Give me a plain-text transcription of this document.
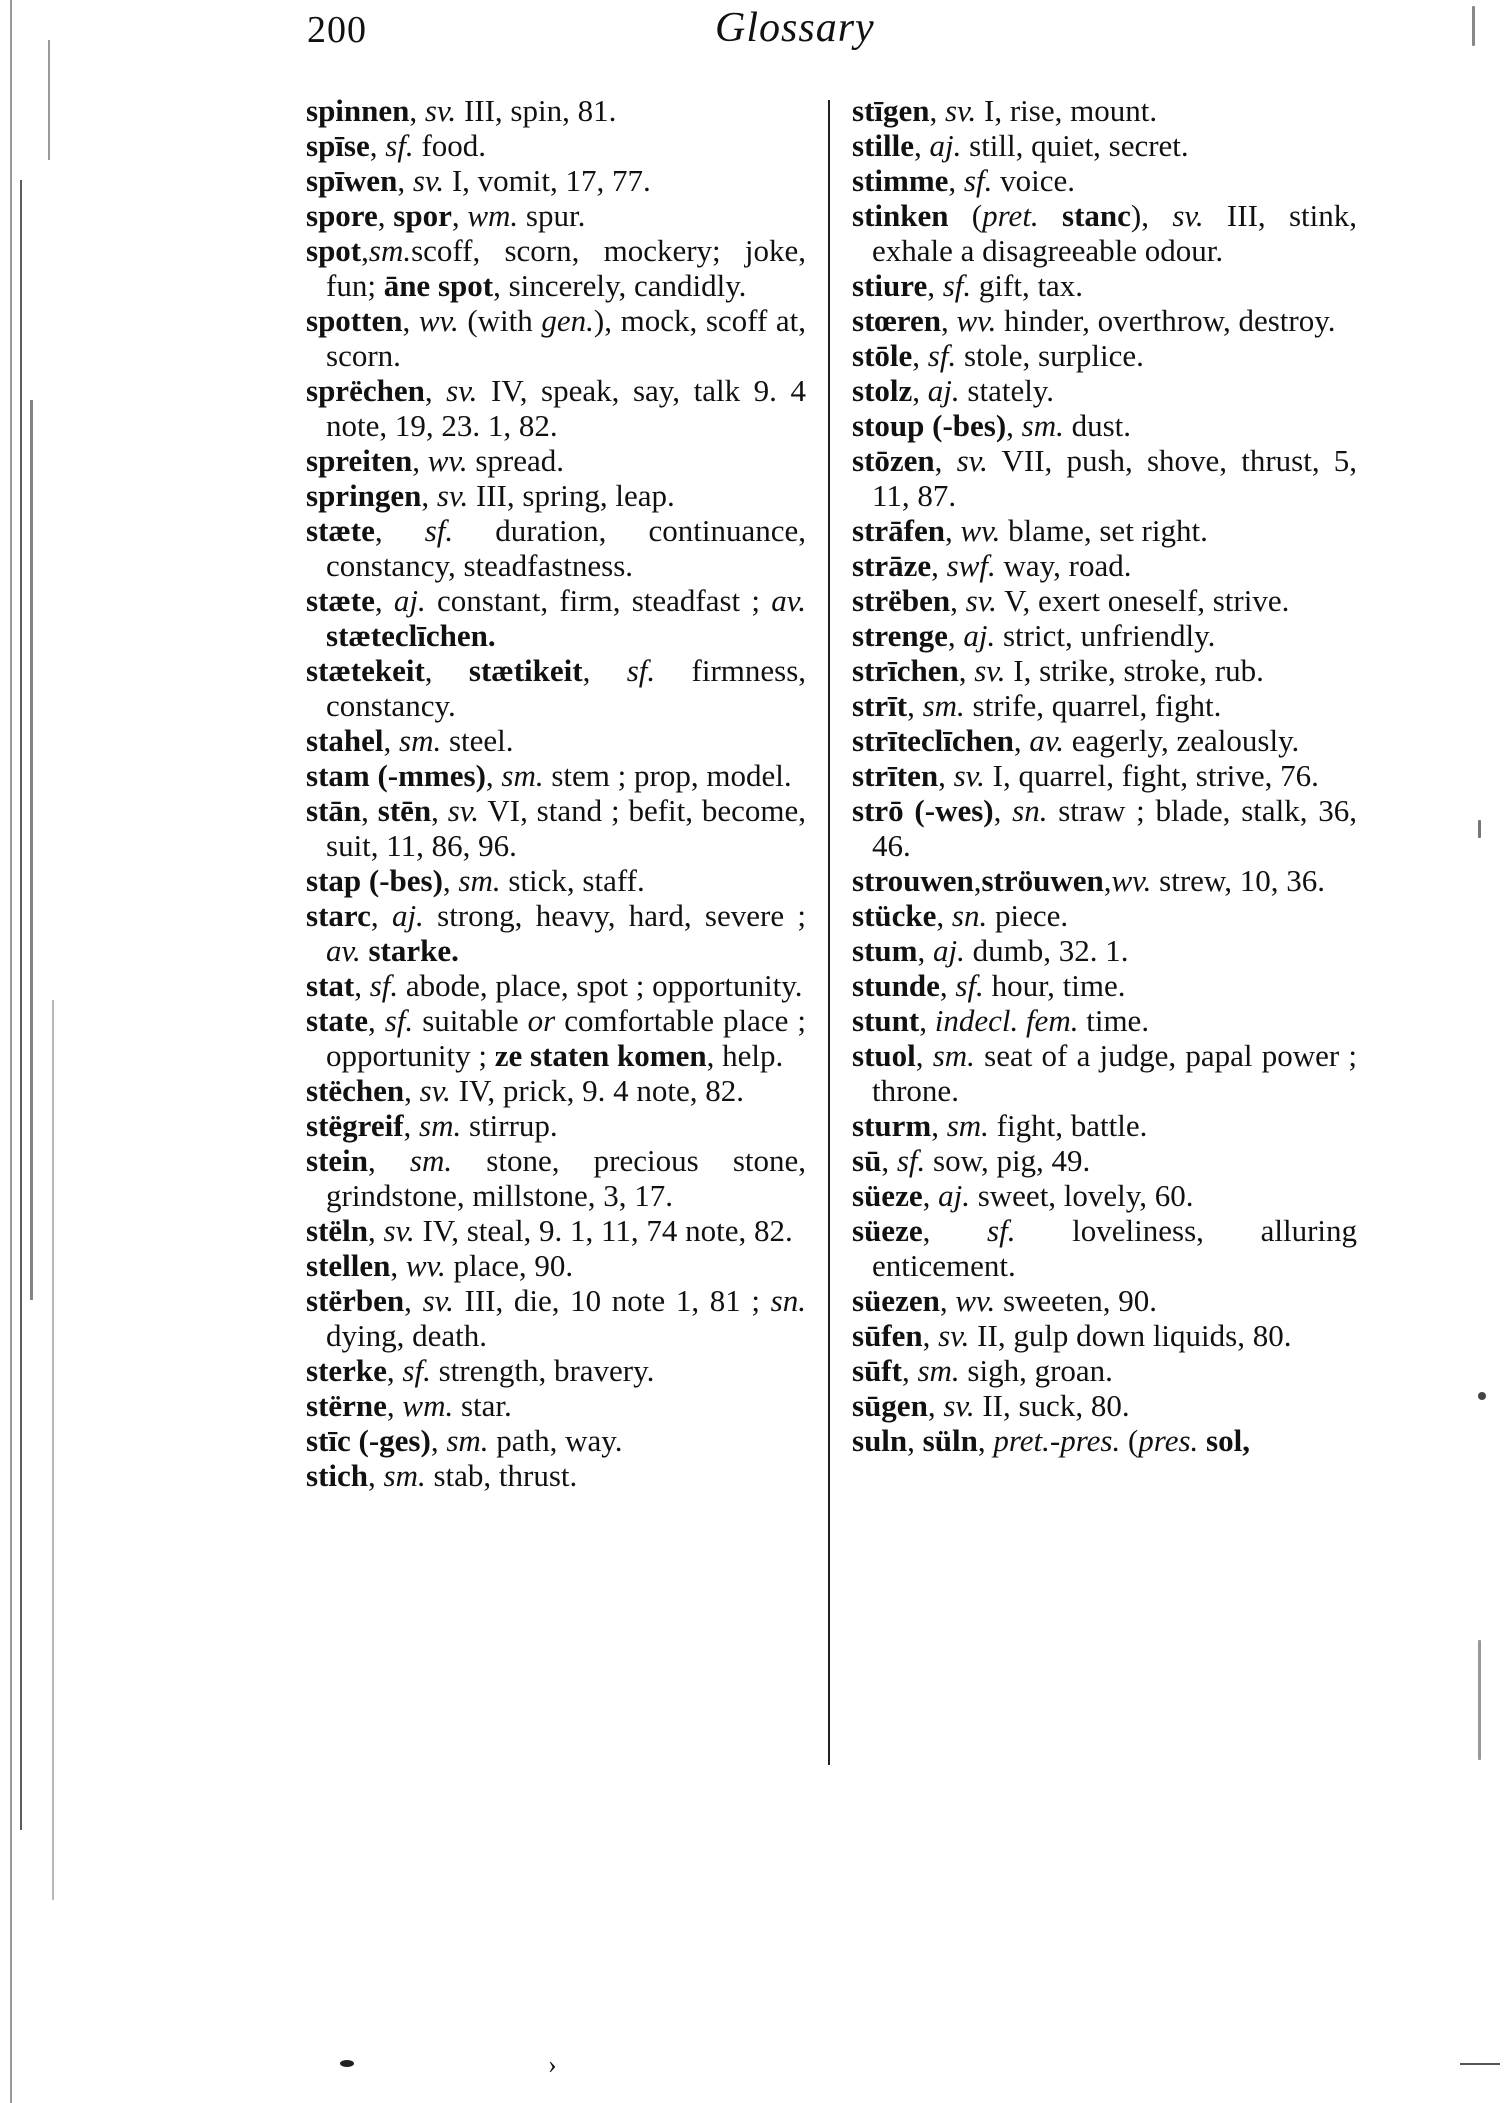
200	Glossary

spinnen, sv. III, spin, 81.

spīse, sf. food.

spīwen, sv. I, vomit, 17, 77.

spore, spor, wm. spur.

spot,sm.scoff, scorn, mockery; joke, fun; āne spot, sincerely, candidly.

spotten, wv. (with gen.), mock, scoff at, scorn.

sprëchen, sv. IV, speak, say, talk 9. 4 note, 19, 23. 1, 82.

spreiten, wv. spread.

springen, sv. III, spring, leap.

stæte, sf. duration, continuance, constancy, steadfastness.

stæte, aj. constant, firm, steadfast ; av. stæteclīchen.

stætekeit, stætikeit, sf. firmness, constancy.

stahel, sm. steel.

stam (-mmes), sm. stem ; prop, model.

stān, stēn, sv. VI, stand ; befit, become, suit, 11, 86, 96.

stap (-bes), sm. stick, staff.

starc, aj. strong, heavy, hard, severe ; av. starke.

stat, sf. abode, place, spot ; opportunity.

state, sf. suitable or comfortable place ; opportunity ; ze staten komen, help.

stëchen, sv. IV, prick, 9. 4 note, 82.

stëgreif, sm. stirrup.

stein, sm. stone, precious stone, grindstone, millstone, 3, 17.

stëln, sv. IV, steal, 9. 1, 11, 74 note, 82.

stellen, wv. place, 90.

stërben, sv. III, die, 10 note 1, 81 ; sn. dying, death.

sterke, sf. strength, bravery.

stërne, wm. star.

stīc (-ges), sm. path, way.

stich, sm. stab, thrust.

stīgen, sv. I, rise, mount.

stille, aj. still, quiet, secret.

stimme, sf. voice.

stinken (pret. stanc), sv. III, stink, exhale a disagreeable odour.

stiure, sf. gift, tax.

stœren, wv. hinder, overthrow, destroy.

stōle, sf. stole, surplice.

stolz, aj. stately.

stoup (-bes), sm. dust.

stōzen, sv. VII, push, shove, thrust, 5, 11, 87.

strāfen, wv. blame, set right.

strāze, swf. way, road.

strëben, sv. V, exert oneself, strive.

strenge, aj. strict, unfriendly.

strīchen, sv. I, strike, stroke, rub.

strīt, sm. strife, quarrel, fight.

strīteclīchen, av. eagerly, zealously.

strīten, sv. I, quarrel, fight, strive, 76.

strō (-wes), sn. straw ; blade, stalk, 36, 46.

strouwen,ströuwen,wv. strew, 10, 36.

stücke, sn. piece.

stum, aj. dumb, 32. 1.

stunde, sf. hour, time.

stunt, indecl. fem. time.

stuol, sm. seat of a judge, papal power ; throne.

sturm, sm. fight, battle.

sū, sf. sow, pig, 49.

süeze, aj. sweet, lovely, 60.

süeze, sf. loveliness, alluring enticement.

süezen, wv. sweeten, 90.

sūfen, sv. II, gulp down liquids, 80.

sūft, sm. sigh, groan.

sūgen, sv. II, suck, 80.

suln, süln, pret.-pres. (pres. sol,

›
